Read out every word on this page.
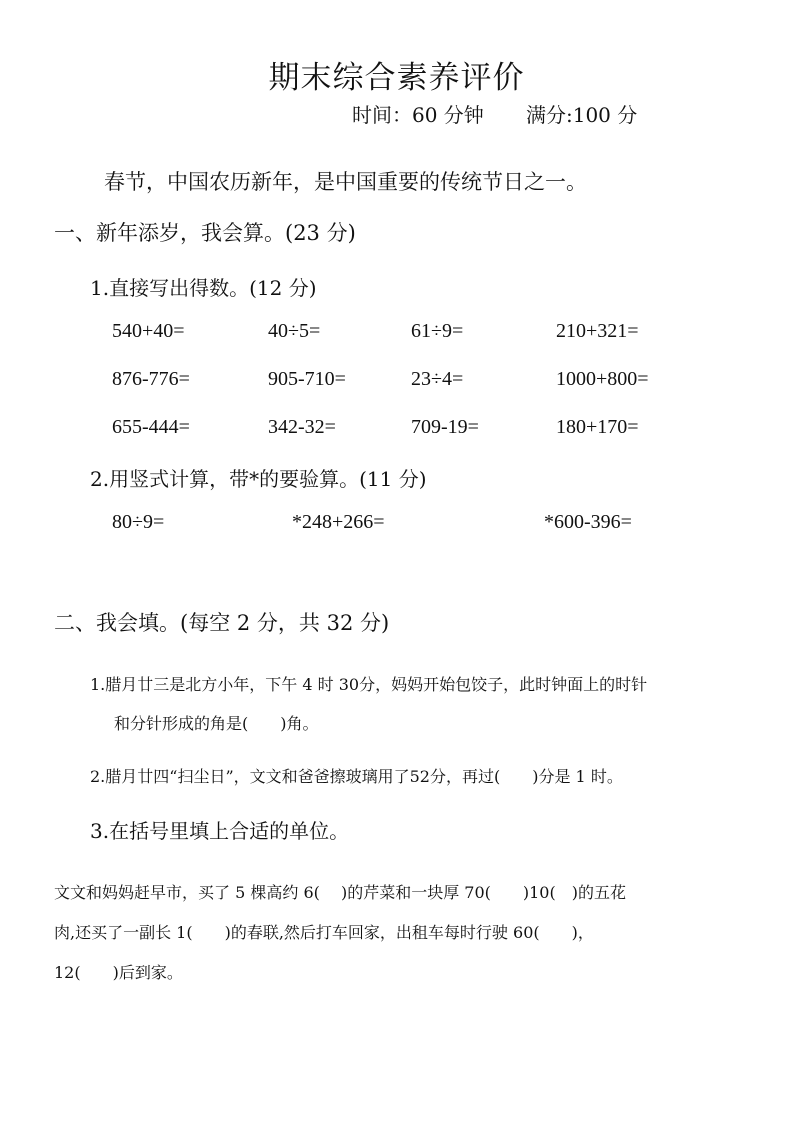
期末综合素养评价
时间：60 分钟 满分:100 分
春节，中国农历新年，是中国重要的传统节日之一。
一、新年添岁，我会算。(23 分)
1.直接写出得数。(12 分)
540+40=	40÷5=	61÷9=	210+321=
876-776=	905-710=	23÷4=	1000+800=
655-444=	342-32=	709-19=	180+170=
2.用竖式计算，带*的要验算。(11 分)
80÷9=	*248+266=	*600-396=
二、我会填。(每空 2 分，共 32 分)
1.腊月廿三是北方小年，下午 4 时 30分，妈妈开始包饺子，此时钟面上的时针
和分针形成的角是(　　)角。
2.腊月廿四“扫尘日”，文文和爸爸擦玻璃用了52分，再过(　　)分是 1 时。
3.在括号里填上合适的单位。
文文和妈妈赶早市，买了 5 棵高约 6(　 )的芹菜和一块厚 70(　　)10(　)的五花
肉,还买了一副长 1(　　)的春联,然后打车回家，出租车每时行驶 60(　　)，
12(　　)后到家。
